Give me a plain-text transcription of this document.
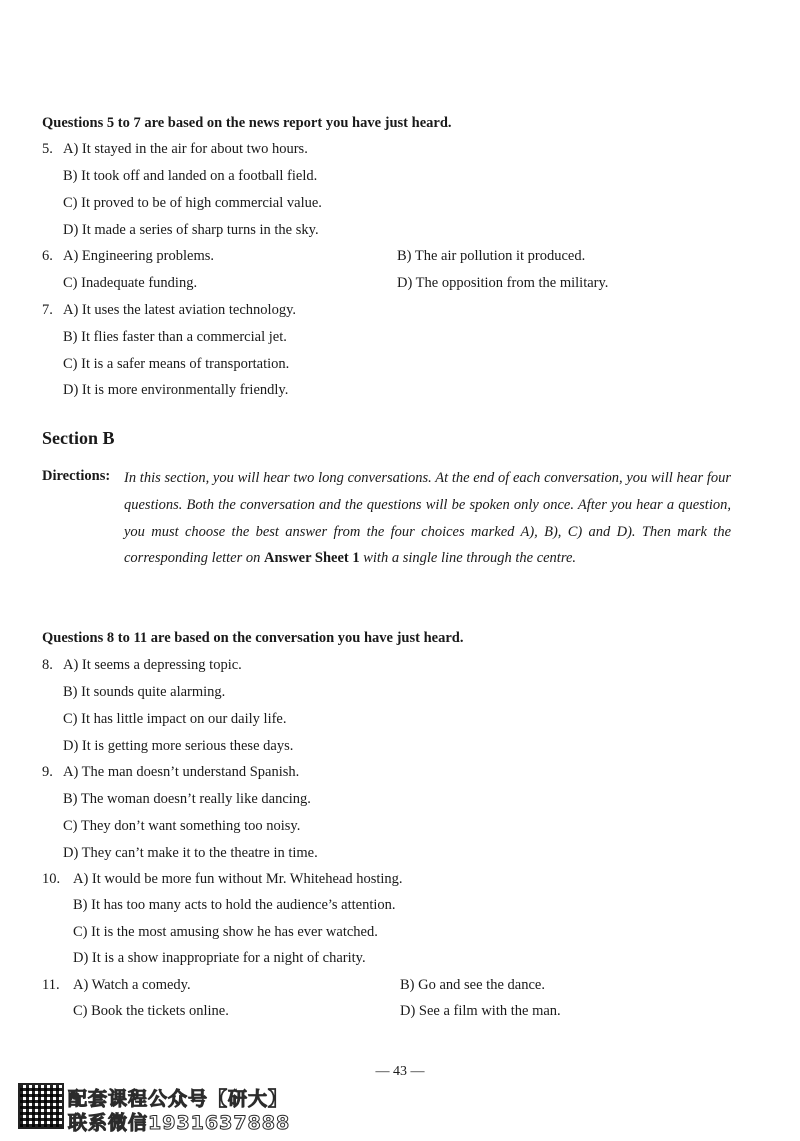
Questions 5 to 7 are based on the news report you have just heard.
5. A) It stayed in the air for about two hours.
B) It took off and landed on a football field.
C) It proved to be of high commercial value.
D) It made a series of sharp turns in the sky.
6. A) Engineering problems.	B) The air pollution it produced.
C) Inadequate funding.	D) The opposition from the military.
7. A) It uses the latest aviation technology.
B) It flies faster than a commercial jet.
C) It is a safer means of transportation.
D) It is more environmentally friendly.
Section B
Directions: In this section, you will hear two long conversations. At the end of each conversation, you will hear four questions. Both the conversation and the questions will be spoken only once. After you hear a question, you must choose the best answer from the four choices marked A), B), C) and D). Then mark the corresponding letter on Answer Sheet 1 with a single line through the centre.
Questions 8 to 11 are based on the conversation you have just heard.
8. A) It seems a depressing topic.
B) It sounds quite alarming.
C) It has little impact on our daily life.
D) It is getting more serious these days.
9. A) The man doesn’t understand Spanish.
B) The woman doesn’t really like dancing.
C) They don’t want something too noisy.
D) They can’t make it to the theatre in time.
10. A) It would be more fun without Mr. Whitehead hosting.
B) It has too many acts to hold the audience’s attention.
C) It is the most amusing show he has ever watched.
D) It is a show inappropriate for a night of charity.
11. A) Watch a comedy.	B) Go and see the dance.
C) Book the tickets online.	D) See a film with the man.
— 43 —
配套课程公众号【研大】
联系微信1931637888
